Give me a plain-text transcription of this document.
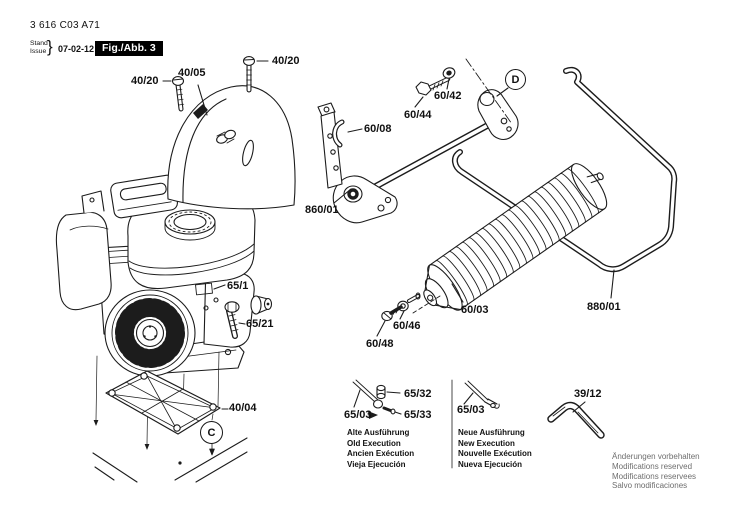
3 616 C03 A71
Stand
Issue } 07-02-12 Fig./Abb. 3
40/20
40/05
40/20
60/44
60/42
60/08
860/01
D
65/1
65/21
40/04
C
60/03	880/01
60/46
60/48
65/32
65/33
65/03	65/03
39/12
Alte Ausführung
Old Execution
Ancien Exécution
Vieja Ejecución
Neue Ausführung
New Execution
Nouvelle Exécution
Nueva Ejecución
Änderungen vorbehalten
Modifications reserved
Modifications reservees
Salvo modificaciones
